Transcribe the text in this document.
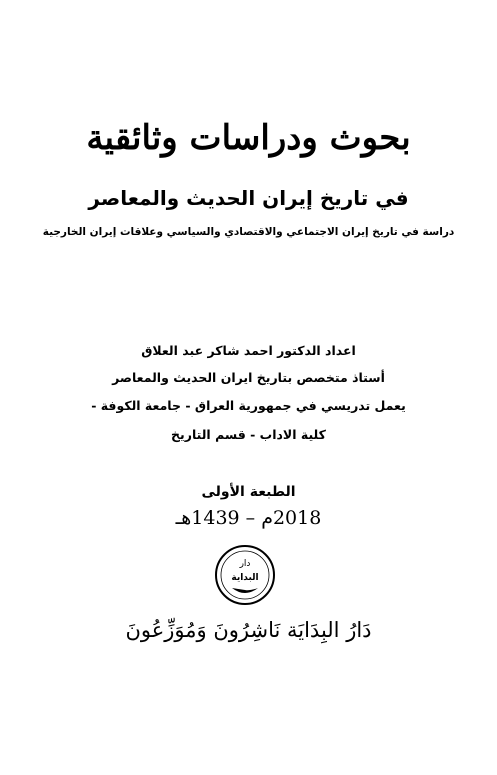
بحوث ودراسات وثائقية
في تاريخ إيران الحديث والمعاصر
دراسة في تاريخ إيران الاجتماعي والاقتصادي والسياسي وعلاقات إيران الخارجية
اعداد الدكتور احمد شاكر عبد العلاق
أستاذ متخصص بتاريخ ايران الحديث والمعاصر
يعمل تدريسي في جمهورية العراق - جامعة الكوفة -
كلية الاداب - قسم التاريخ
الطبعة الأولى
2018م – 1439هـ
دار
البداية
دَارُ البِدَايَة نَاشِرُونَ وَمُوَزِّعُونَ
